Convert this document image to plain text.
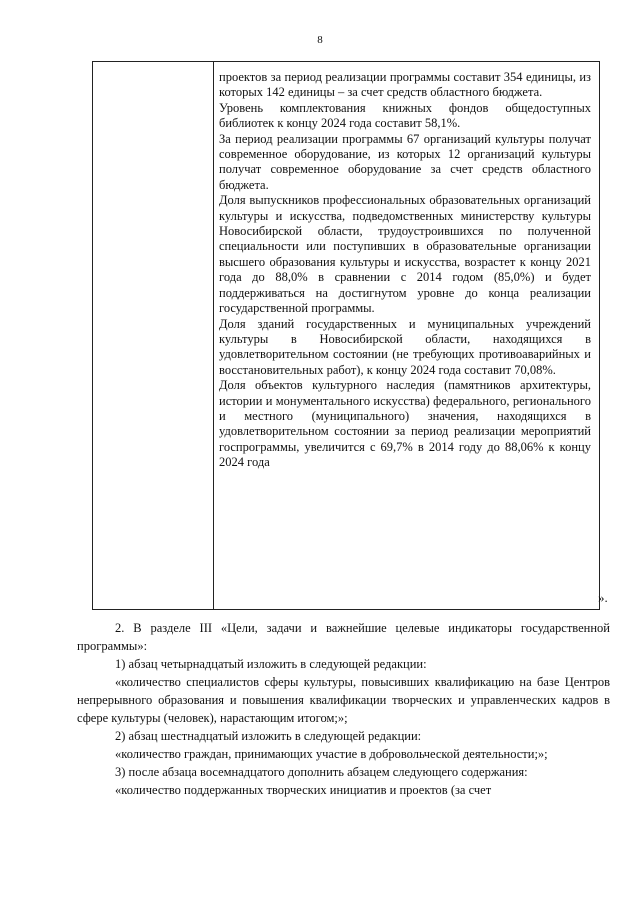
8

проектов за период реализации программы составит 354 единицы, из которых 142 единицы – за счет средств областного бюджета.

Уровень комплектования книжных фондов общедоступных библиотек к концу 2024 года составит 58,1%.

За период реализации программы 67 организаций культуры получат современное оборудование, из которых 12 организаций культуры получат современное оборудование за счет средств областного бюджета.

Доля выпускников профессиональных образовательных организаций культуры и искусства, подведомственных министерству культуры Новосибирской области, трудоустроившихся по полученной специальности или поступивших в образовательные организации высшего образования культуры и искусства, возрастет к концу 2021 года до 88,0% в сравнении с 2014 годом (85,0%) и будет поддерживаться на достигнутом уровне до конца реализации государственной программы.

Доля зданий государственных и муниципальных учреждений культуры в Новосибирской области, находящихся в удовлетворительном состоянии (не требующих противоаварийных и восстановительных работ), к концу 2024 года составит 70,08%.

Доля объектов культурного наследия (памятников архитектуры, истории и монументального искусства) федерального, регионального и местного (муниципального) значения, находящихся в удовлетворительном состоянии за период реализации мероприятий госпрограммы, увеличится с 69,7% в 2014 году до 88,06% к концу 2024 года

».

2. В разделе III «Цели, задачи и важнейшие целевые индикаторы государственной программы»:

1) абзац четырнадцатый изложить в следующей редакции:

«количество специалистов сферы культуры, повысивших квалификацию на базе Центров непрерывного образования и повышения квалификации творческих и управленческих кадров в сфере культуры (человек), нарастающим итогом;»;

2) абзац шестнадцатый изложить в следующей редакции:

«количество граждан, принимающих участие в добровольческой деятельности;»;

3) после абзаца восемнадцатого дополнить абзацем следующего содержания:

«количество поддержанных творческих инициатив и проектов (за счет
